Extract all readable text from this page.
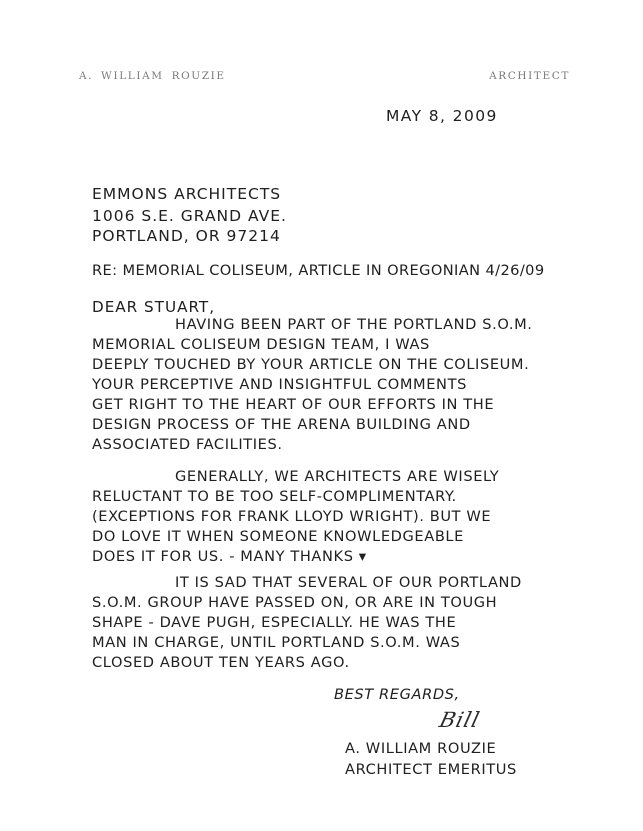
A. WILLIAM ROUZIE	ARCHITECT
MAY 8, 2009
EMMONS ARCHITECTS
1006 S.E. GRAND AVE.
PORTLAND, OR 97214
RE: MEMORIAL COLISEUM, ARTICLE IN OREGONIAN 4/26/09
DEAR STUART,
HAVING BEEN PART OF THE PORTLAND S.O.M.
MEMORIAL COLISEUM DESIGN TEAM, I WAS
DEEPLY TOUCHED BY YOUR ARTICLE ON THE COLISEUM.
YOUR PERCEPTIVE AND INSIGHTFUL COMMENTS
GET RIGHT TO THE HEART OF OUR EFFORTS IN THE
DESIGN PROCESS OF THE ARENA BUILDING AND
ASSOCIATED FACILITIES.
GENERALLY, WE ARCHITECTS ARE WISELY
RELUCTANT TO BE TOO SELF-COMPLIMENTARY.
(EXCEPTIONS FOR FRANK LLOYD WRIGHT). BUT WE
DO LOVE IT WHEN SOMEONE KNOWLEDGEABLE
DOES IT FOR US. - MANY THANKS ▾
IT IS SAD THAT SEVERAL OF OUR PORTLAND
S.O.M. GROUP HAVE PASSED ON, OR ARE IN TOUGH
SHAPE - DAVE PUGH, ESPECIALLY. HE WAS THE
MAN IN CHARGE, UNTIL PORTLAND S.O.M. WAS
CLOSED ABOUT TEN YEARS AGO.
BEST REGARDS,
Bill
A. WILLIAM ROUZIE
ARCHITECT EMERITUS
